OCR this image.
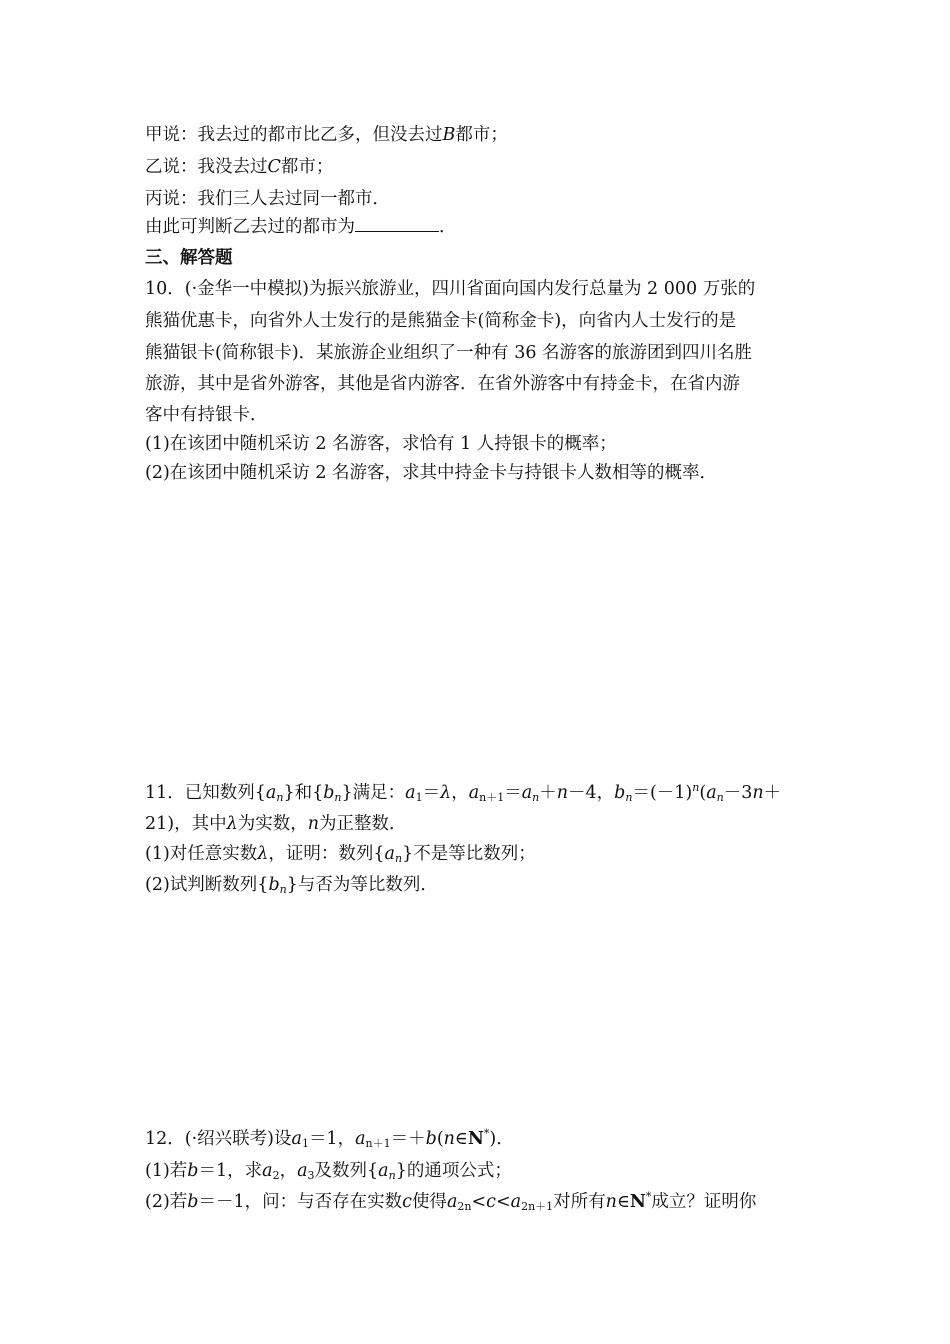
甲说：我去过的都市比乙多，但没去过B都市；
乙说：我没去过C都市；
丙说：我们三人去过同一都市．
由此可判断乙去过的都市为	．
三、解答题
10．(·金华一中模拟)为振兴旅游业，四川省面向国内发行总量为 2 000 万张的
熊猫优惠卡，向省外人士发行的是熊猫金卡(简称金卡)，向省内人士发行的是
熊猫银卡(简称银卡)．某旅游企业组织了一种有 36 名游客的旅游团到四川名胜
旅游，其中是省外游客，其他是省内游客．在省外游客中有持金卡，在省内游
客中有持银卡．
(1)在该团中随机采访 2 名游客，求恰有 1 人持银卡的概率；
(2)在该团中随机采访 2 名游客，求其中持金卡与持银卡人数相等的概率．
11．已知数列$\{a_n\}$和$\{b_n\}$满足：$a_1=\lambda$，$a_{n+1}=a_n+n-4$，$b_n=(-1)^n(a_n-3n+$
21)，其中λ为实数，n为正整数．
(1)对任意实数λ，证明：数列$\{a_n\}$不是等比数列；
(2)试判断数列$\{b_n\}$与否为等比数列．
12．(·绍兴联考)设$a_1=1$，$a_{n+1}=+b(n\in N^*)$．
(1)若b＝1，求$a_2$，$a_3$及数列$\{a_n\}$的通项公式；
(2)若b＝－1，问：与否存在实数c使得$a_{2n}<c<a_{2n+1}$对所有n∈N*成立？证明你
